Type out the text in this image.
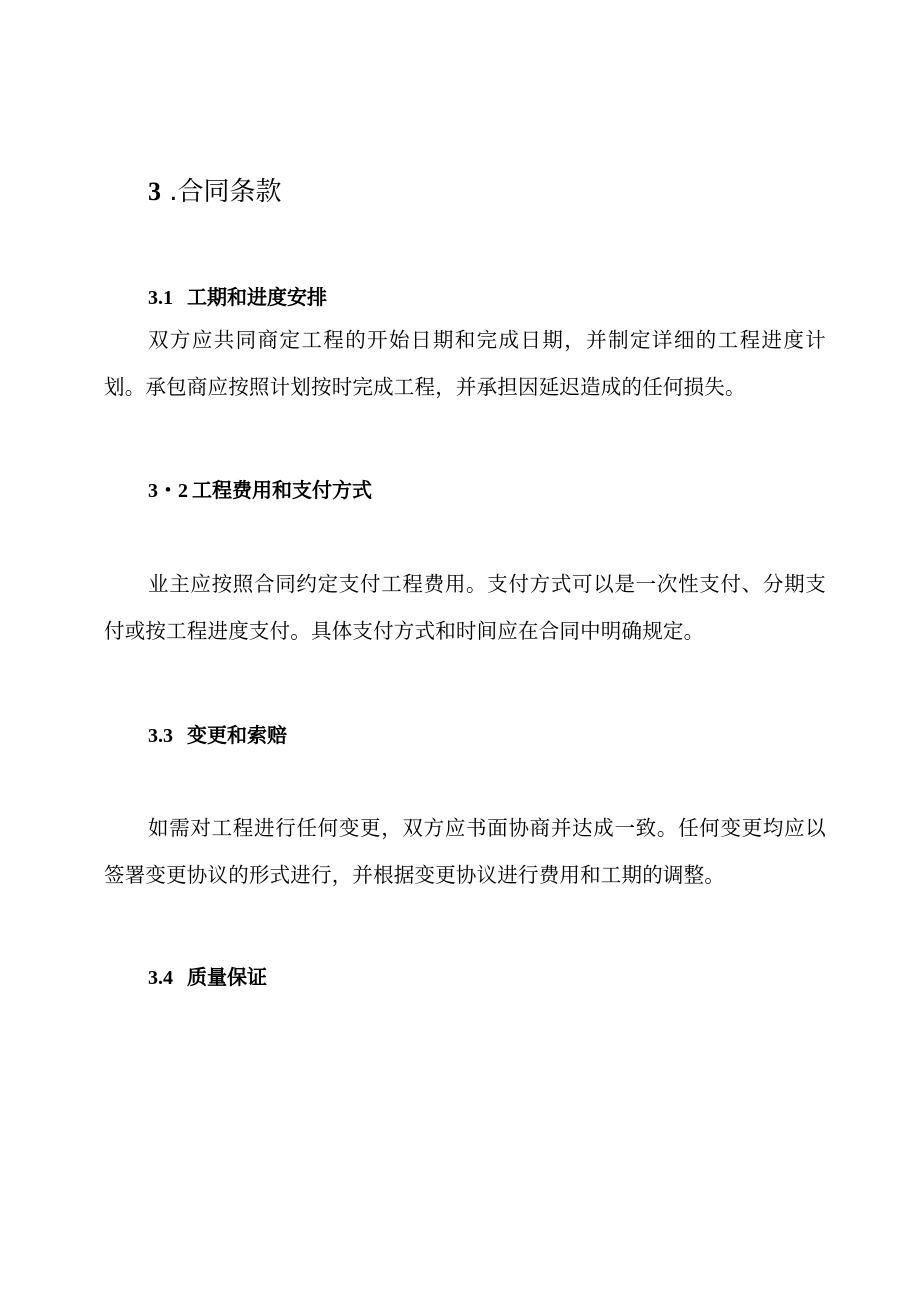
3 .合同条款
3.1 工期和进度安排

双方应共同商定工程的开始日期和完成日期，并制定详细的工程进度计划。承包商应按照计划按时完成工程，并承担因延迟造成的任何损失。

3・2 工程费用和支付方式

业主应按照合同约定支付工程费用。支付方式可以是一次性支付、分期支付或按工程进度支付。具体支付方式和时间应在合同中明确规定。

3.3 变更和索赔

如需对工程进行任何变更，双方应书面协商并达成一致。任何变更均应以签署变更协议的形式进行，并根据变更协议进行费用和工期的调整。

3.4 质量保证
